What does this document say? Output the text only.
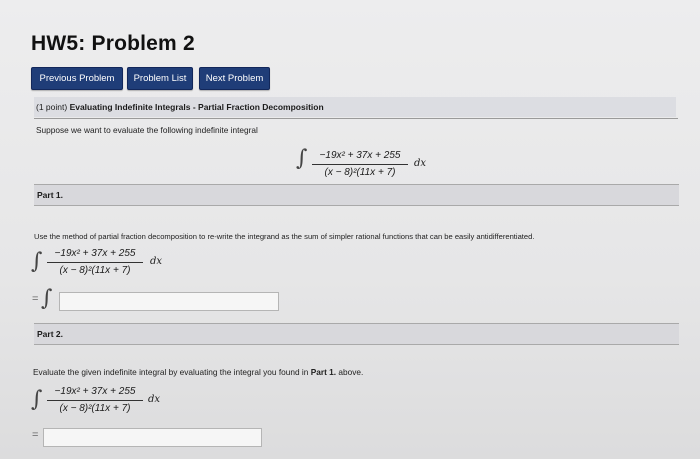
HW5: Problem 2
Previous Problem	Problem List	Next Problem
(1 point) Evaluating Indefinite Integrals - Partial Fraction Decomposition
Suppose we want to evaluate the following indefinite integral
∫	−19x² + 37x + 255
(x − 8)²(11x + 7)
dx
Part 1.
Use the method of partial fraction decomposition to re-write the integrand as the sum of simpler rational functions that can be easily antidifferentiated.
∫	−19x² + 37x + 255
(x − 8)²(11x + 7)
dx
= ∫
Part 2.
Evaluate the given indefinite integral by evaluating the integral you found in Part 1. above.
∫	−19x² + 37x + 255
(x − 8)²(11x + 7)
dx
=
